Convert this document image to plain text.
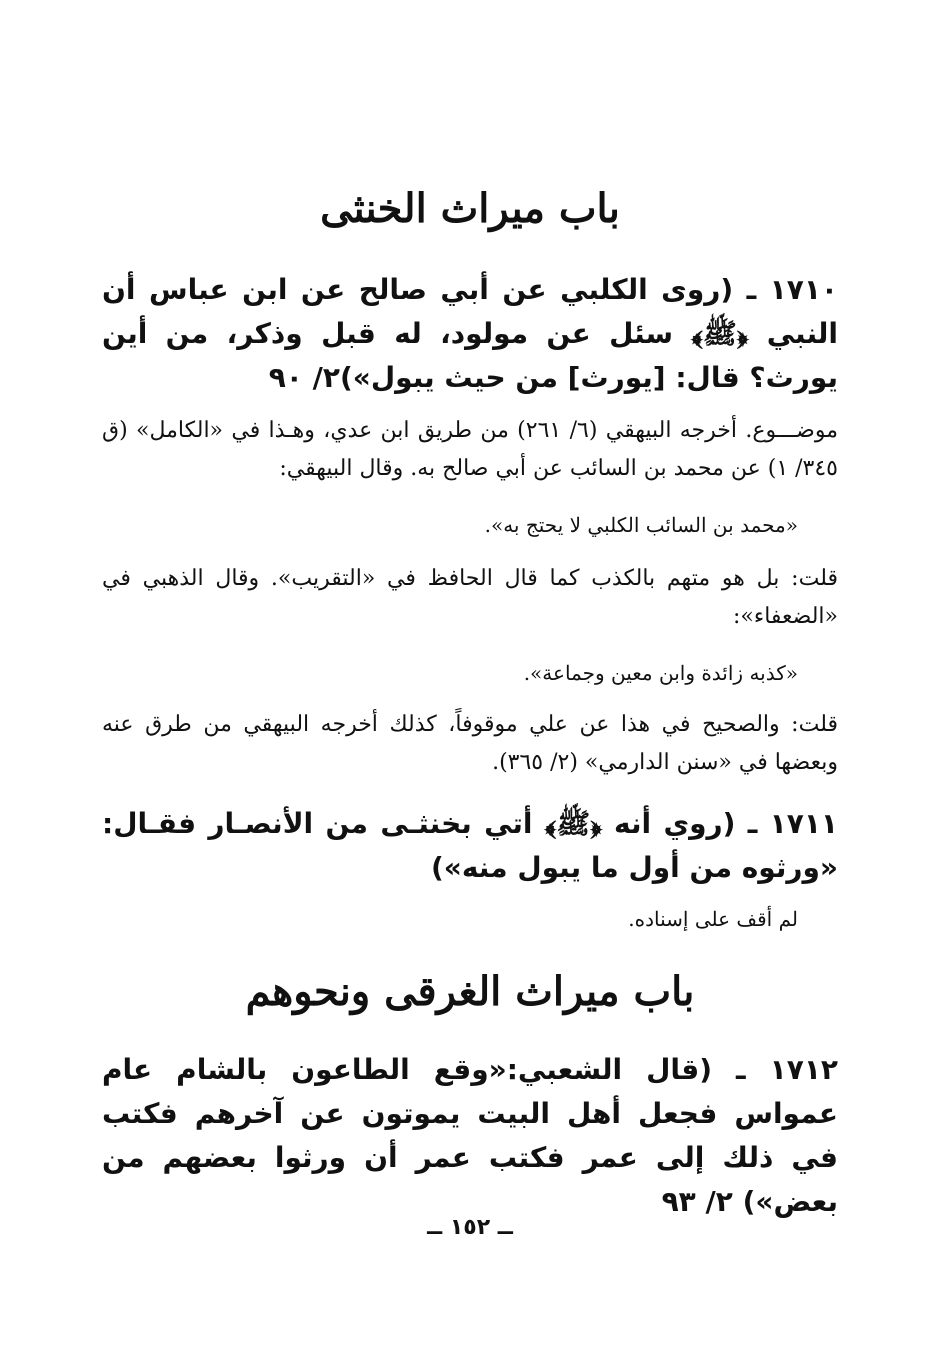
باب ميراث الخنثى
١٧١٠ ـ (روى الكلبي عن أبي صالح عن ابن عباس أن النبي ﴿ﷺ﴾ سئل عن مولود، له قبل وذكر، من أين يورث؟ قال: [يورث] من حيث يبول»)٢/ ٩٠
موضـــوع. أخرجه البيهقي (٦/ ٢٦١) من طريق ابن عدي، وهـذا في «الكامل» (ق ٣٤٥/ ١) عن محمد بن السائب عن أبي صالح به. وقال البيهقي:
«محمد بن السائب الكلبي لا يحتج به».
قلت: بل هو متهم بالكذب كما قال الحافظ في «التقريب». وقال الذهبي في «الضعفاء»:
«كذبه زائدة وابن معين وجماعة».
قلت: والصحيح في هذا عن علي موقوفاً، كذلك أخرجه البيهقي من طرق عنه وبعضها في «سنن الدارمي» (٢/ ٣٦٥).
١٧١١ ـ (روي أنه ﴿ﷺ﴾ أتي بخنثـى من الأنصـار فقـال: «ورثوه من أول ما يبول منه»)
لم أقف على إسناده.
باب ميراث الغرقى ونحوهم
١٧١٢ ـ (قال الشعبي:«وقع الطاعون بالشام عام عمواس فجعل أهل البيت يموتون عن آخرهم فكتب في ذلك إلى عمر فكتب عمر أن ورثوا بعضهم من بعض») ٢/ ٩٣
ــ ١٥٢ ــ
